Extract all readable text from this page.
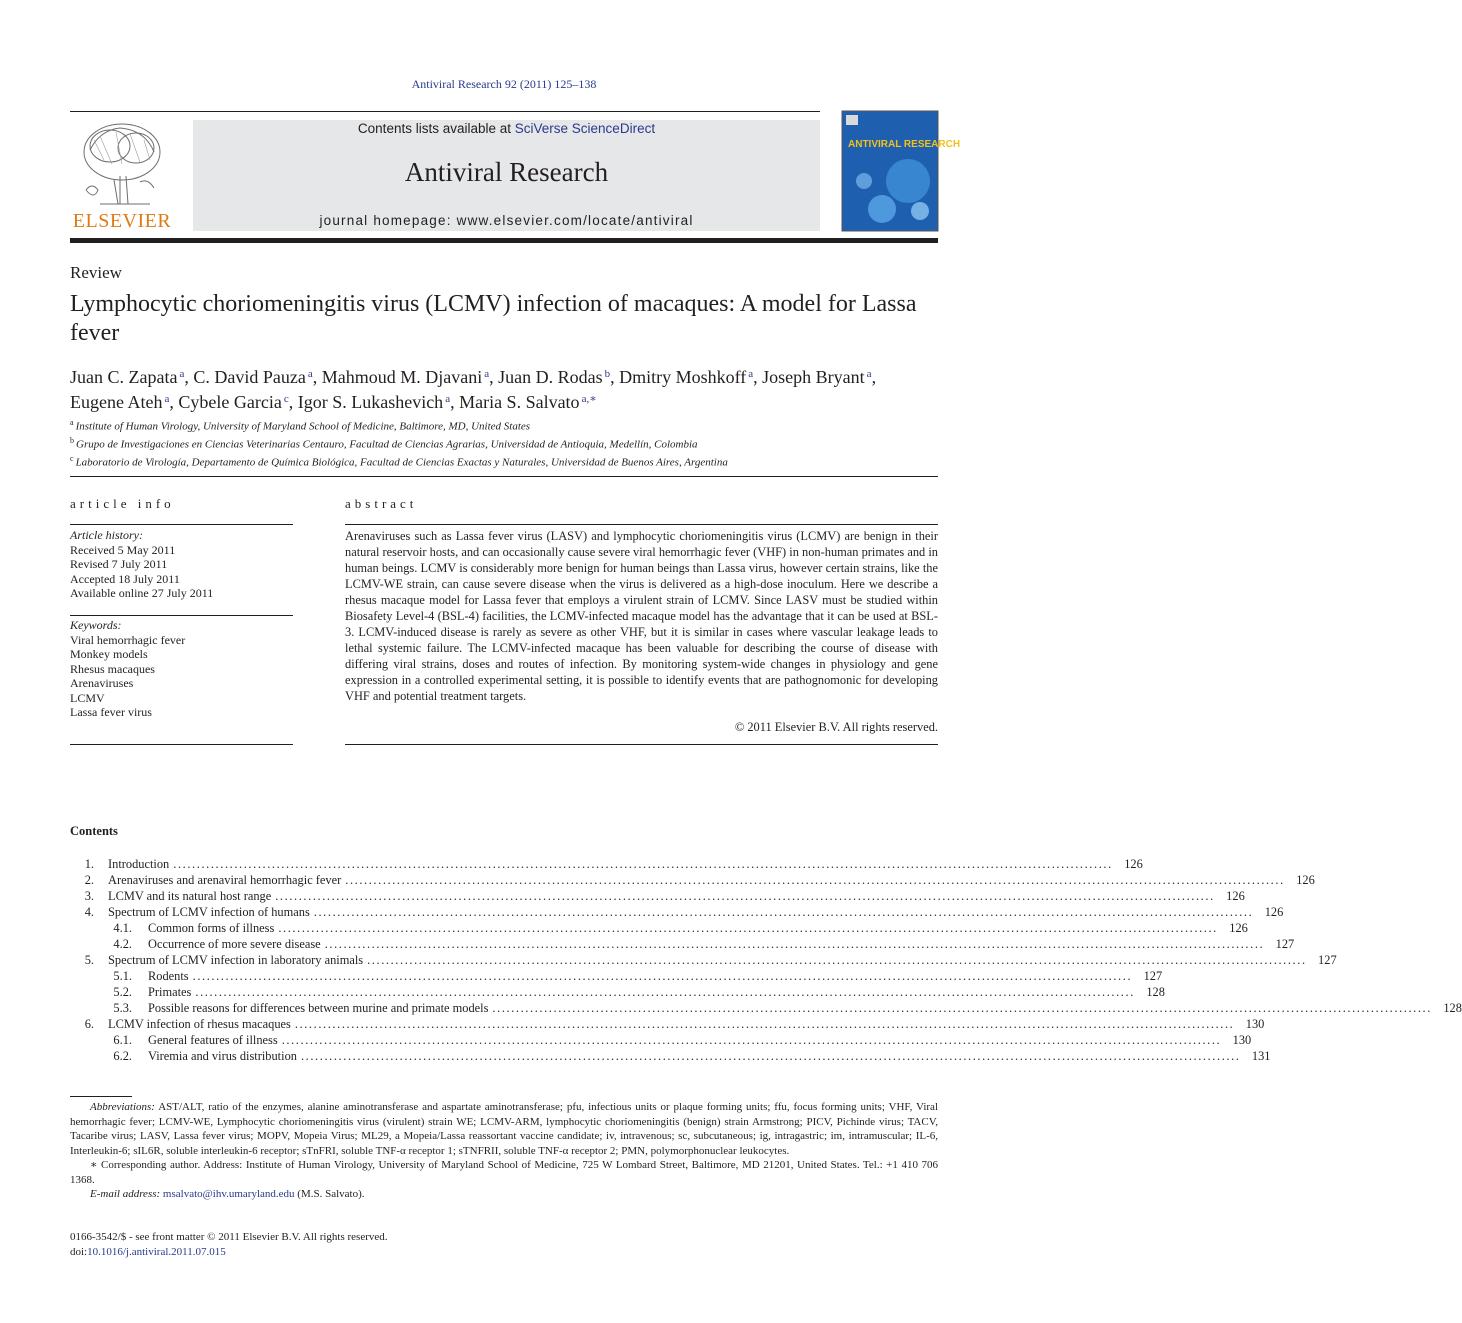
Antiviral Research 92 (2011) 125–138
ELSEVIER
Contents lists available at SciVerse ScienceDirect
Antiviral Research
journal homepage: www.elsevier.com/locate/antiviral
ANTIVIRAL RESEARCH
Review
Lymphocytic choriomeningitis virus (LCMV) infection of macaques: A model for Lassa fever
Juan C. Zapata $^a$, C. David Pauza $^a$, Mahmoud M. Djavani $^a$, Juan D. Rodas $^b$, Dmitry Moshkoff $^a$, Joseph Bryant $^a$, Eugene Ateh $^a$, Cybele Garcia $^c$, Igor S. Lukashevich $^a$, Maria S. Salvato $^{a,∗}$
$^a$ Institute of Human Virology, University of Maryland School of Medicine, Baltimore, MD, United States
$^b$ Grupo de Investigaciones en Ciencias Veterinarias Centauro, Facultad de Ciencias Agrarias, Universidad de Antioquia, Medellín, Colombia
$^c$ Laboratorio de Virología, Departamento de Química Biológica, Facultad de Ciencias Exactas y Naturales, Universidad de Buenos Aires, Argentina
article info
Article history:
Received 5 May 2011
Revised 7 July 2011
Accepted 18 July 2011
Available online 27 July 2011
Keywords:
Viral hemorrhagic fever
Monkey models
Rhesus macaques
Arenaviruses
LCMV
Lassa fever virus
abstract
Arenaviruses such as Lassa fever virus (LASV) and lymphocytic choriomeningitis virus (LCMV) are benign in their natural reservoir hosts, and can occasionally cause severe viral hemorrhagic fever (VHF) in non-human primates and in human beings. LCMV is considerably more benign for human beings than Lassa virus, however certain strains, like the LCMV-WE strain, can cause severe disease when the virus is delivered as a high-dose inoculum. Here we describe a rhesus macaque model for Lassa fever that employs a virulent strain of LCMV. Since LASV must be studied within Biosafety Level-4 (BSL-4) facilities, the LCMV-infected macaque model has the advantage that it can be used at BSL-3. LCMV-induced disease is rarely as severe as other VHF, but it is similar in cases where vascular leakage leads to lethal systemic failure. The LCMV-infected macaque has been valuable for describing the course of disease with differing viral strains, doses and routes of infection. By monitoring system-wide changes in physiology and gene expression in a controlled experimental setting, it is possible to identify events that are pathognomonic for developing VHF and potential treatment targets.
© 2011 Elsevier B.V. All rights reserved.
Contents
1. Introduction ........................................................................................................................................................................................................ 126
2. Arenaviruses and arenaviral hemorrhagic fever ........................................................................................................................................................................................................ 126
3. LCMV and its natural host range ........................................................................................................................................................................................................ 126
4. Spectrum of LCMV infection of humans ........................................................................................................................................................................................................ 126
4.1. Common forms of illness ........................................................................................................................................................................................................ 126
4.2. Occurrence of more severe disease ........................................................................................................................................................................................................ 127
5. Spectrum of LCMV infection in laboratory animals ........................................................................................................................................................................................................ 127
5.1. Rodents ........................................................................................................................................................................................................ 127
5.2. Primates ........................................................................................................................................................................................................ 128
5.3. Possible reasons for differences between murine and primate models ........................................................................................................................................................................................................ 128
6. LCMV infection of rhesus macaques ........................................................................................................................................................................................................ 130
6.1. General features of illness ........................................................................................................................................................................................................ 130
6.2. Viremia and virus distribution ........................................................................................................................................................................................................ 131

Abbreviations: AST/ALT, ratio of the enzymes, alanine aminotransferase and aspartate aminotransferase; pfu, infectious units or plaque forming units; ffu, focus forming units; VHF, Viral hemorrhagic fever; LCMV-WE, Lymphocytic choriomeningitis virus (virulent) strain WE; LCMV-ARM, lymphocytic choriomeningitis (benign) strain Armstrong; PICV, Pichinde virus; TACV, Tacaribe virus; LASV, Lassa fever virus; MOPV, Mopeia Virus; ML29, a Mopeia/Lassa reassortant vaccine candidate; iv, intravenous; sc, subcutaneous; ig, intragastric; im, intramuscular; IL-6, Interleukin-6; sIL6R, soluble interleukin-6 receptor; sTnFRI, soluble TNF-α receptor 1; sTNFRII, soluble TNF-α receptor 2; PMN, polymorphonuclear leukocytes.

∗ Corresponding author. Address: Institute of Human Virology, University of Maryland School of Medicine, 725 W Lombard Street, Baltimore, MD 21201, United States. Tel.: +1 410 706 1368.

E-mail address: msalvato@ihv.umaryland.edu (M.S. Salvato).

0166-3542/$ - see front matter © 2011 Elsevier B.V. All rights reserved.
doi:10.1016/j.antiviral.2011.07.015
